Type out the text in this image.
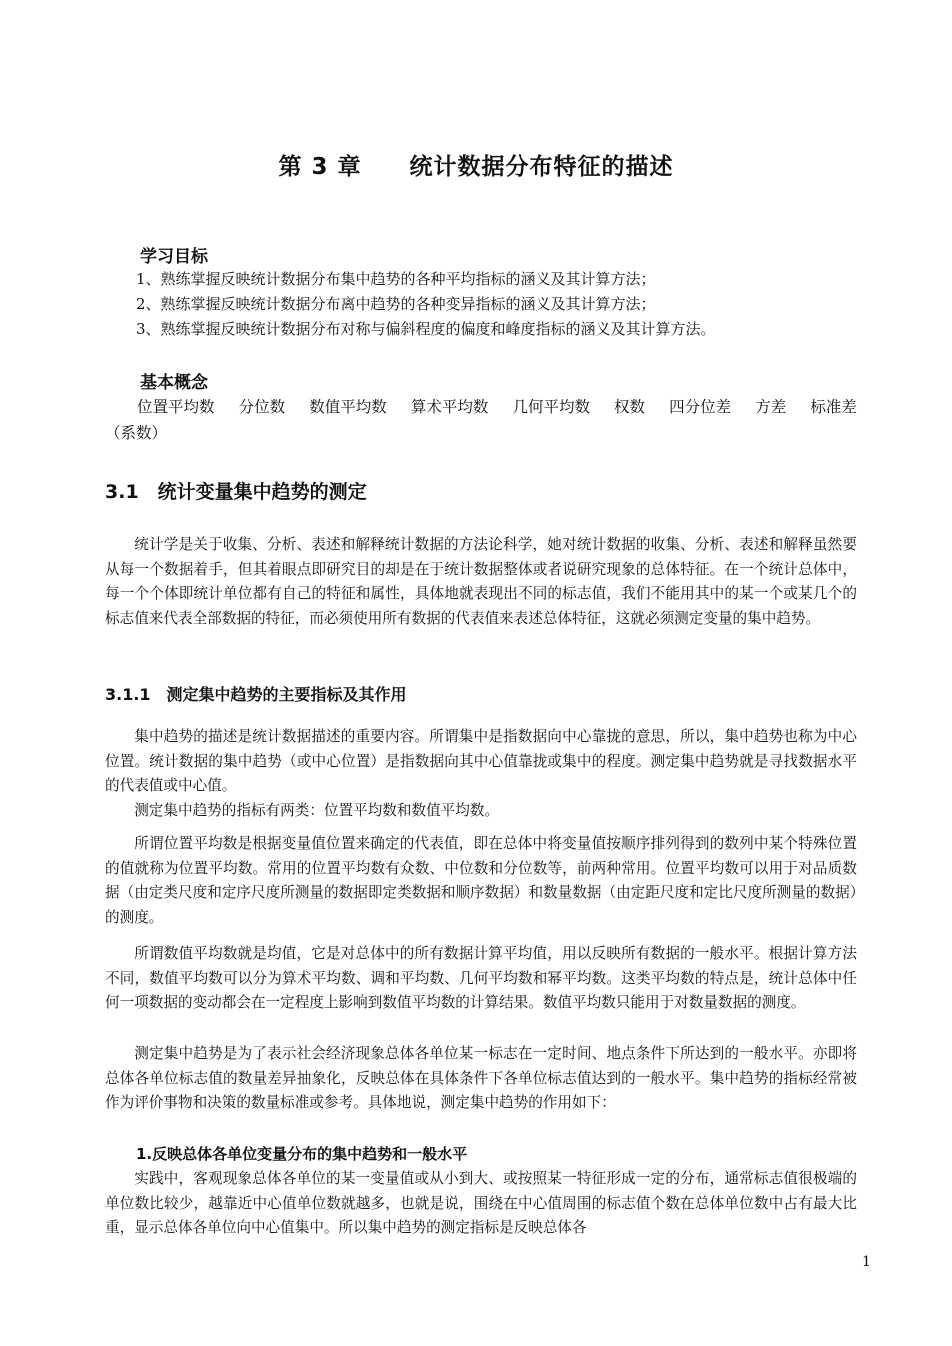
第 3 章　　统计数据分布特征的描述
学习目标
1、熟练掌握反映统计数据分布集中趋势的各种平均指标的涵义及其计算方法；
2、熟练掌握反映统计数据分布离中趋势的各种变异指标的涵义及其计算方法；
3、熟练掌握反映统计数据分布对称与偏斜程度的偏度和峰度指标的涵义及其计算方法。
基本概念
位置平均数 分位数 数值平均数 算术平均数 几何平均数 权数 四分位差 方差 标准差
（系数）
3.1　统计变量集中趋势的测定

统计学是关于收集、分析、表述和解释统计数据的方法论科学，她对统计数据的收集、分析、表述和解释虽然要从每一个数据着手，但其着眼点即研究目的却是在于统计数据整体或者说研究现象的总体特征。在一个统计总体中，每一个个体即统计单位都有自己的特征和属性，具体地就表现出不同的标志值，我们不能用其中的某一个或某几个的标志值来代表全部数据的特征，而必须使用所有数据的代表值来表述总体特征，这就必须测定变量的集中趋势。

3.1.1　测定集中趋势的主要指标及其作用

集中趋势的描述是统计数据描述的重要内容。所谓集中是指数据向中心靠拢的意思，所以，集中趋势也称为中心位置。统计数据的集中趋势（或中心位置）是指数据向其中心值靠拢或集中的程度。测定集中趋势就是寻找数据水平的代表值或中心值。

测定集中趋势的指标有两类：位置平均数和数值平均数。

所谓位置平均数是根据变量值位置来确定的代表值，即在总体中将变量值按顺序排列得到的数列中某个特殊位置的值就称为位置平均数。常用的位置平均数有众数、中位数和分位数等，前两种常用。位置平均数可以用于对品质数据（由定类尺度和定序尺度所测量的数据即定类数据和顺序数据）和数量数据（由定距尺度和定比尺度所测量的数据）的测度。

所谓数值平均数就是均值，它是对总体中的所有数据计算平均值，用以反映所有数据的一般水平。根据计算方法不同，数值平均数可以分为算术平均数、调和平均数、几何平均数和幂平均数。这类平均数的特点是，统计总体中任何一项数据的变动都会在一定程度上影响到数值平均数的计算结果。数值平均数只能用于对数量数据的测度。

测定集中趋势是为了表示社会经济现象总体各单位某一标志在一定时间、地点条件下所达到的一般水平。亦即将总体各单位标志值的数量差异抽象化，反映总体在具体条件下各单位标志值达到的一般水平。集中趋势的指标经常被作为评价事物和决策的数量标准或参考。具体地说，测定集中趋势的作用如下：

1.反映总体各单位变量分布的集中趋势和一般水平

实践中，客观现象总体各单位的某一变量值或从小到大、或按照某一特征形成一定的分布，通常标志值很极端的单位数比较少，越靠近中心值单位数就越多，也就是说，围绕在中心值周围的标志值个数在总体单位数中占有最大比重，显示总体各单位向中心值集中。所以集中趋势的测定指标是反映总体各

1
